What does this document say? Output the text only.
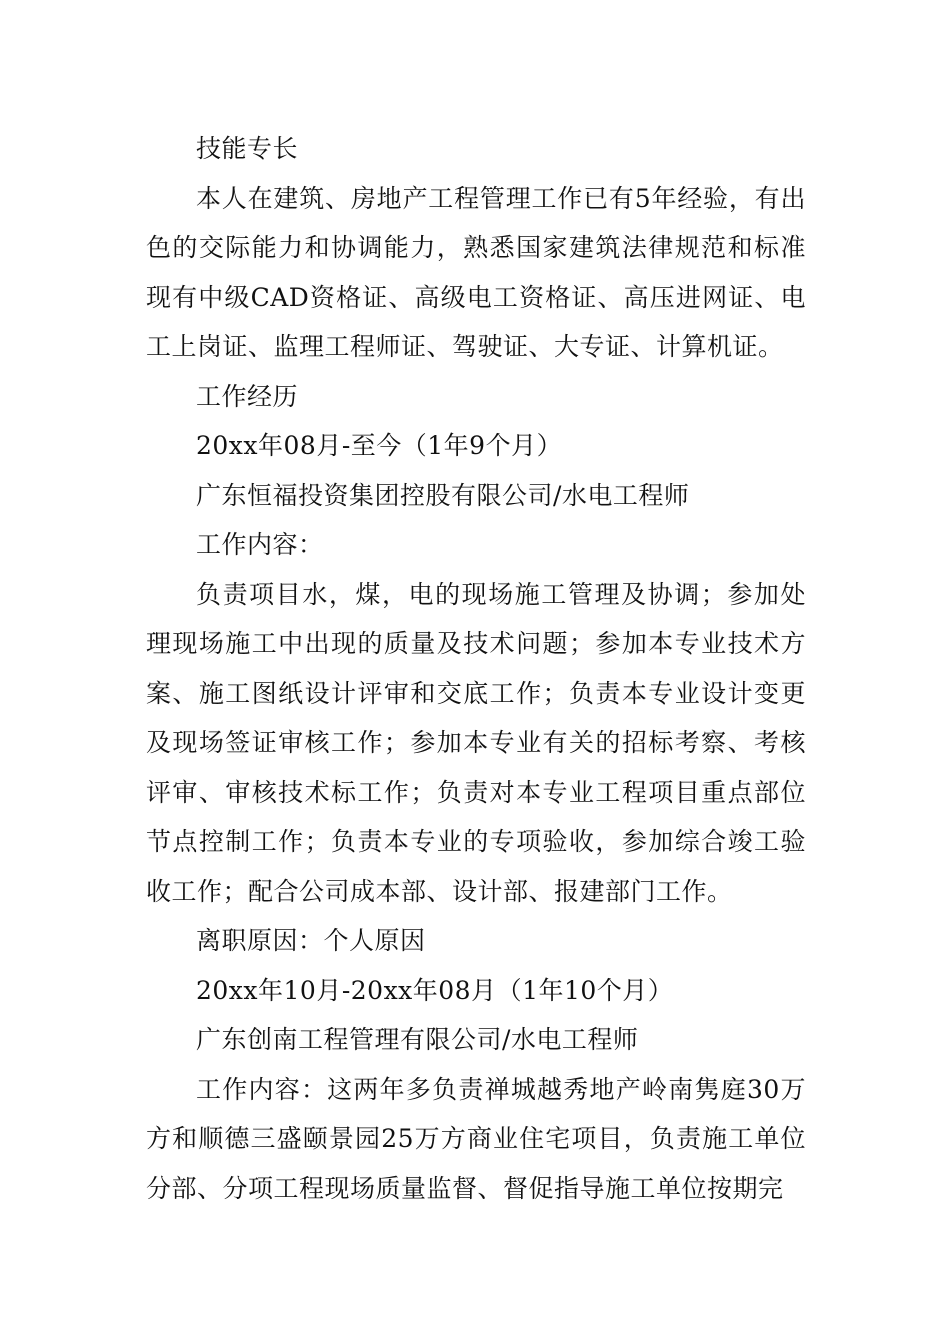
技能专长

本人在建筑、房地产工程管理工作已有5年经验，有出色的交际能力和协调能力，熟悉国家建筑法律规范和标准现有中级CAD资格证、高级电工资格证、高压进网证、电工上岗证、监理工程师证、驾驶证、大专证、计算机证。

工作经历

20xx年08月-至今（1年9个月）

广东恒福投资集团控股有限公司/水电工程师

工作内容：

负责项目水，煤，电的现场施工管理及协调；参加处理现场施工中出现的质量及技术问题；参加本专业技术方案、施工图纸设计评审和交底工作；负责本专业设计变更及现场签证审核工作；参加本专业有关的招标考察、考核评审、审核技术标工作；负责对本专业工程项目重点部位节点控制工作；负责本专业的专项验收，参加综合竣工验收工作；配合公司成本部、设计部、报建部门工作。

离职原因：个人原因

20xx年10月-20xx年08月（1年10个月）

广东创南工程管理有限公司/水电工程师

工作内容：这两年多负责禅城越秀地产岭南隽庭30万方和顺德三盛颐景园25万方商业住宅项目，负责施工单位分部、分项工程现场质量监督、督促指导施工单位按期完
